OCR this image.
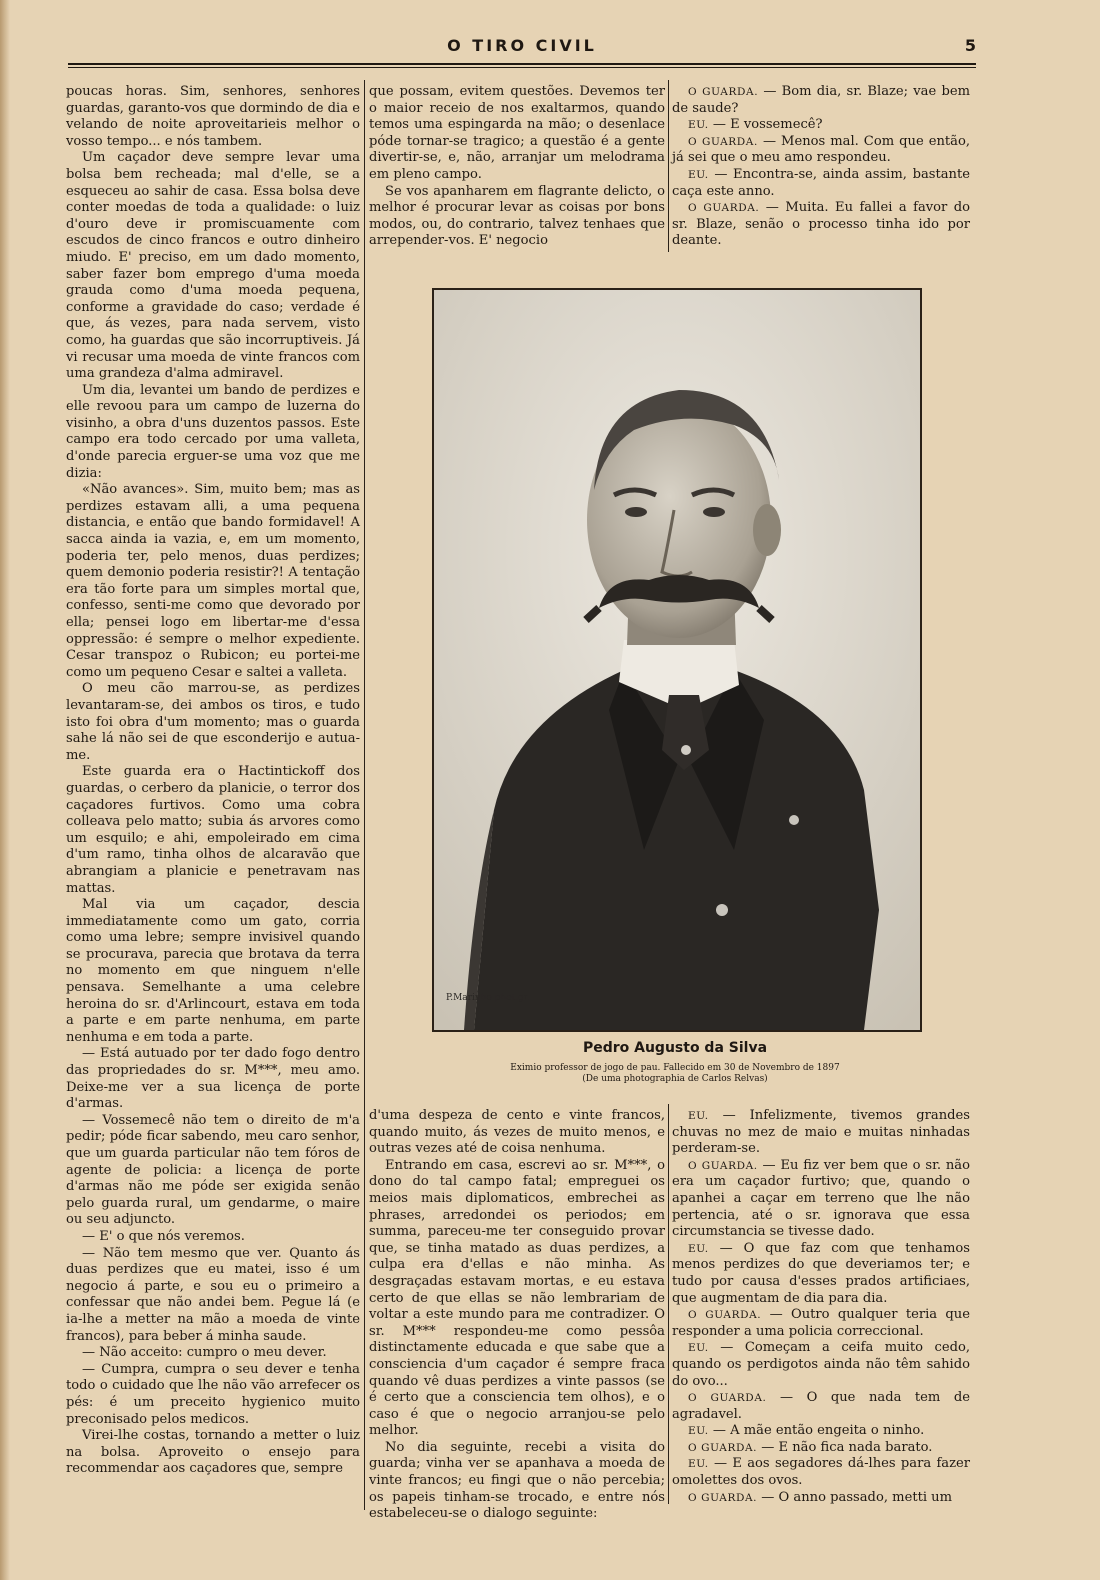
O TIRO CIVIL	5

poucas horas. Sim, senhores, senhores guardas, garanto-vos que dormindo de dia e velando de noite aproveitarieis melhor o vosso tempo... e nós tambem.

Um caçador deve sempre levar uma bolsa bem recheada; mal d'elle, se a esqueceu ao sahir de casa. Essa bolsa deve conter moedas de toda a qualidade: o luiz d'ouro deve ir promiscuamente com escudos de cinco francos e outro dinheiro miudo. E' preciso, em um dado momento, saber fazer bom emprego d'uma moeda grauda como d'uma moeda pequena, conforme a gravidade do caso; verdade é que, ás vezes, para nada servem, visto como, ha guardas que são incorruptiveis. Já vi recusar uma moeda de vinte francos com uma grandeza d'alma admiravel.

Um dia, levantei um bando de perdizes e elle revoou para um campo de luzerna do visinho, a obra d'uns duzentos passos. Este campo era todo cercado por uma valleta, d'onde parecia erguer-se uma voz que me dizia:

«Não avances». Sim, muito bem; mas as perdizes estavam alli, a uma pequena distancia, e então que bando formidavel! A sacca ainda ia vazia, e, em um momento, poderia ter, pelo menos, duas perdizes; quem demonio poderia resistir?! A tentação era tão forte para um simples mortal que, confesso, senti-me como que devorado por ella; pensei logo em libertar-me d'essa oppressão: é sempre o melhor expediente. Cesar transpoz o Rubicon; eu portei-me como um pequeno Cesar e saltei a valleta.

O meu cão marrou-se, as perdizes levantaram-se, dei ambos os tiros, e tudo isto foi obra d'um momento; mas o guarda sahe lá não sei de que esconderijo e autua-me.

Este guarda era o Hactintickoff dos guardas, o cerbero da planicie, o terror dos caçadores furtivos. Como uma cobra colleava pelo matto; subia ás arvores como um esquilo; e ahi, empoleirado em cima d'um ramo, tinha olhos de alcaravão que abrangiam a planicie e penetravam nas mattas.

Mal via um caçador, descia immediatamente como um gato, corria como uma lebre; sempre invisivel quando se procurava, parecia que brotava da terra no momento em que ninguem n'elle pensava. Semelhante a uma celebre heroina do sr. d'Arlincourt, estava em toda a parte e em parte nenhuma, em parte nenhuma e em toda a parte.

— Está autuado por ter dado fogo dentro das propriedades do sr. M***, meu amo. Deixe-me ver a sua licença de porte d'armas.

— Vossemecê não tem o direito de m'a pedir; póde ficar sabendo, meu caro senhor, que um guarda particular não tem fóros de agente de policia: a licença de porte d'armas não me póde ser exigida senão pelo guarda rural, um gendarme, o maire ou seu adjuncto.

— E' o que nós veremos.

— Não tem mesmo que ver. Quanto ás duas perdizes que eu matei, isso é um negocio á parte, e sou eu o primeiro a confessar que não andei bem. Pegue lá (e ia-lhe a metter na mão a moeda de vinte francos), para beber á minha saude.

— Não acceito: cumpro o meu dever.

— Cumpra, cumpra o seu dever e tenha todo o cuidado que lhe não vão arrefecer os pés: é um preceito hygienico muito preconisado pelos medicos.

Virei-lhe costas, tornando a metter o luiz na bolsa. Aproveito o ensejo para recommendar aos caçadores que, sempre

que possam, evitem questões. Devemos ter o maior receio de nos exaltarmos, quando temos uma espingarda na mão; o desenlace póde tornar-se tragico; a questão é a gente divertir-se, e, não, arranjar um melodrama em pleno campo.

Se vos apanharem em flagrante delicto, o melhor é procurar levar as coisas por bons modos, ou, do contrario, talvez tenhaes que arrepender-vos. E' negocio

O GUARDA. — Bom dia, sr. Blaze; vae bem de saude?

EU. — E vossemecê?

O GUARDA. — Menos mal. Com que então, já sei que o meu amo respondeu.

EU. — Encontra-se, ainda assim, bastante caça este anno.

O GUARDA. — Muita. Eu fallei a favor do sr. Blaze, senão o processo tinha ido por deante.

P.Marinho phot.gr.
Pedro Augusto da Silva
Eximio professor de jogo de pau. Fallecido em 30 de Novembro de 1897
(De uma photographia de Carlos Relvas)

d'uma despeza de cento e vinte francos, quando muito, ás vezes de muito menos, e outras vezes até de coisa nenhuma.

Entrando em casa, escrevi ao sr. M***, o dono do tal campo fatal; empreguei os meios mais diplomaticos, embrechei as phrases, arredondei os periodos; em summa, pareceu-me ter conseguido provar que, se tinha matado as duas perdizes, a culpa era d'ellas e não minha. As desgraçadas estavam mortas, e eu estava certo de que ellas se não lembrariam de voltar a este mundo para me contradizer. O sr. M*** respondeu-me como pessôa distinctamente educada e que sabe que a consciencia d'um caçador é sempre fraca quando vê duas perdizes a vinte passos (se é certo que a consciencia tem olhos), e o caso é que o negocio arranjou-se pelo melhor.

No dia seguinte, recebi a visita do guarda; vinha ver se apanhava a moeda de vinte francos; eu fingi que o não percebia; os papeis tinham-se trocado, e entre nós estabeleceu-se o dialogo seguinte:

EU. — Infelizmente, tivemos grandes chuvas no mez de maio e muitas ninhadas perderam-se.

O GUARDA. — Eu fiz ver bem que o sr. não era um caçador furtivo; que, quando o apanhei a caçar em terreno que lhe não pertencia, até o sr. ignorava que essa circumstancia se tivesse dado.

EU. — O que faz com que tenhamos menos perdizes do que deveriamos ter; e tudo por causa d'esses prados artificiaes, que augmentam de dia para dia.

O GUARDA. — Outro qualquer teria que responder a uma policia correccional.

EU. — Começam a ceifa muito cedo, quando os perdigotos ainda não têm sahido do ovo...

O GUARDA. — O que nada tem de agradavel.

EU. — A mãe então engeita o ninho.

O GUARDA. — E não fica nada barato.

EU. — E aos segadores dá-lhes para fazer omolettes dos ovos.

O GUARDA. — O anno passado, metti um
